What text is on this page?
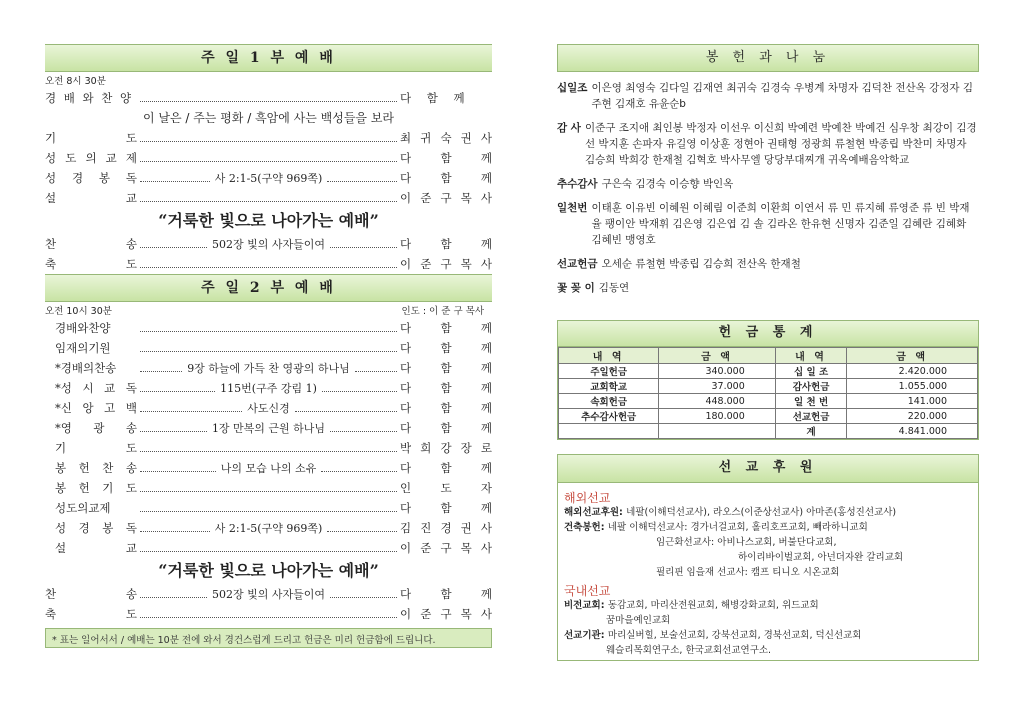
주 일 1 부 예 배
오전 8시 30분
경 배 와 찬 양	다 함 께
이 날은 / 주는 평화 / 흑암에 사는 백성들을 보라
기	도	최 귀 숙 권 사
성 도 의 교 제	다	함	께
성 경 봉 독	사 2:1-5(구약 969쪽)	다	함	께
설	교	이 준 구 목 사
“거룩한 빛으로 나아가는 예배”
찬	송	502장 빛의 사자들이여	다	함	께
축	도	이 준 구 목 사
주 일 2 부 예 배
오전 10시 30분	인도 : 이 준 구 목사
경배와찬양	다	함	께
임재의기원	다	함	께
*경배의찬송	9장 하늘에 가득 찬 영광의 하나님	다	함	께
*성 시 교 독	115번(구주 강림 1)	다	함	께
*신 앙 고 백	사도신경	다	함	께
*영 광 송	1장 만복의 근원 하나님	다	함	께
기	도	박 희 강 장 로
봉 헌 찬 송	나의 모습 나의 소유	다	함	께
봉 헌 기 도	인	도	자
성도의교제	다	함	께
성 경 봉 독	사 2:1-5(구약 969쪽)	김 진 경 권 사
설	교	이 준 구 목 사
“거룩한 빛으로 나아가는 예배”
찬	송	502장 빛의 사자들이여	다	함	께
축	도	이 준 구 목 사
* 표는 일어서서 / 예배는 10분 전에 와서 경건스럽게 드리고 헌금은 미리 헌금함에 드립니다.
봉 헌 과 나 눔
십일조 이은영 최영숙 김다일 김재연 최귀숙 김경숙 우병계 차명자 김덕찬 전산옥 강정자 김주현 김재호 유윤순b
감 사 이준구 조지애 최인봉 박정자 이선우 이신희 박예련 박예찬 박예건 심우창 최강이 김경선 박지훈 손파자 유길영 이상훈 정현아 권태형 정광희 류철현 박종립 박찬미 차명자 김승희 박희강 한재철 김혁호 박사무엘 당당부대찌개 귀옥예배음악학교
추수감사 구은숙 김경숙 이승향 박인옥
일천번 이태훈 이유빈 이혜원 이혜림 이준희 이환희 이연서 류 민 류지혜 류영준 류 빈 박재율 팽이안 박재휘 김은영 김은엽 김 솔 김라온 한유현 신명자 김준일 김혜란 김혜화 김혜빈 맹영호
선교헌금 오세순 류철현 박종립 김승희 전산옥 한재철
꽃 꽂 이 김동연
헌 금 통 계
내 역	금 액	내 역	금 액
주일헌금	340.000	십 일 조	2.420.000
교회학교	37.000	감사헌금	1.055.000
속회헌금	448.000	일 천 번	141.000
추수감사헌금	180.000	선교헌금	220.000
		계	4.841.000
선 교 후 원
해외선교
해외선교후원: 네팔(이해덕선교사), 라오스(이준상선교사) 아마존(홍성진선교사)
건축봉헌: 네팔 이해덕선교사: 경가너걸교회, 홀리호프교회, 빼라하니교회
임근화선교사: 아비나스교회, 버불단다교회,
하이리바이벌교회, 아넌더자완 갈리교회
필리핀 임을재 선교사: 캠프 티니오 시온교회
국내선교
비전교회: 동감교회, 마리산전원교회, 해병강화교회, 위드교회
꿈마을예인교회
선교기관: 마리실버힐, 보술선교회, 강북선교회, 경북선교회, 덕신선교회
웨슬리목회연구소, 한국교회선교연구소.
